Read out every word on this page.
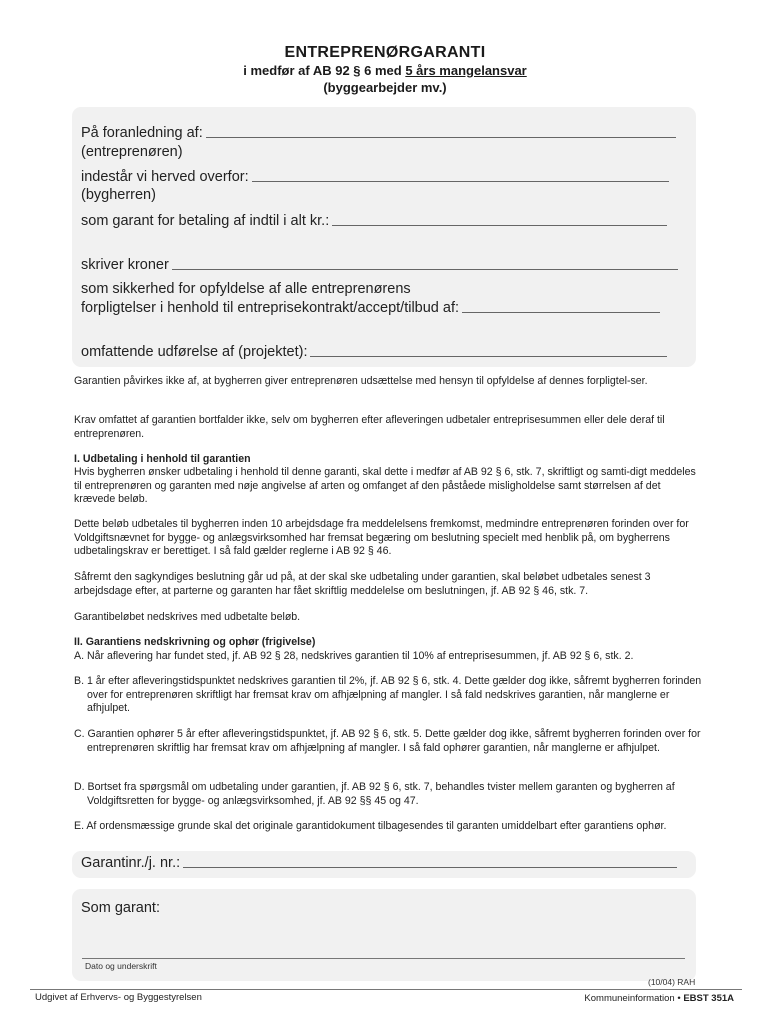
ENTREPRENØRGARANTI
i medfør af AB 92 § 6 med 5 års mangelansvar
(byggearbejder mv.)
På foranledning af:
(entreprenøren)
indestår vi herved overfor:
(bygherren)
som garant for betaling af indtil i alt kr.:
skriver kroner
som sikkerhed for opfyldelse af alle entreprenørens
forpligtelser i henhold til entreprisekontrakt/accept/tilbud af:
omfattende udførelse af (projektet):
Garantien påvirkes ikke af, at bygherren giver entreprenøren udsættelse med hensyn til opfyldelse af dennes forpligtel-ser.
Krav omfattet af garantien bortfalder ikke, selv om bygherren efter afleveringen udbetaler entreprisesummen eller dele deraf til entreprenøren.
I. Udbetaling i henhold til garantien
Hvis bygherren ønsker udbetaling i henhold til denne garanti, skal dette i medfør af AB 92 § 6, stk. 7, skriftligt og samti-digt meddeles til entreprenøren og garanten med nøje angivelse af arten og omfanget af den påståede misligholdelse samt størrelsen af det krævede beløb.
Dette beløb udbetales til bygherren inden 10 arbejdsdage fra meddelelsens fremkomst, medmindre entreprenøren forinden over for Voldgiftsnævnet for bygge- og anlægsvirksomhed har fremsat begæring om beslutning specielt med henblik på, om bygherrens udbetalingskrav er berettiget. I så fald gælder reglerne i AB 92 § 46.
Såfremt den sagkyndiges beslutning går ud på, at der skal ske udbetaling under garantien, skal beløbet udbetales senest 3 arbejdsdage efter, at parterne og garanten har fået skriftlig meddelelse om beslutningen, jf. AB 92 § 46, stk. 7.
Garantibeløbet nedskrives med udbetalte beløb.
II. Garantiens nedskrivning og ophør (frigivelse)
A. Når aflevering har fundet sted, jf. AB 92 § 28, nedskrives garantien til 10% af entreprisesummen, jf. AB 92 § 6, stk. 2.
B. 1 år efter afleveringstidspunktet nedskrives garantien til 2%, jf. AB 92 § 6, stk. 4. Dette gælder dog ikke, såfremt bygherren forinden over for entreprenøren skriftligt har fremsat krav om afhjælpning af mangler. I så fald nedskrives garantien, når manglerne er afhjulpet.
C. Garantien ophører 5 år efter afleveringstidspunktet, jf. AB 92 § 6, stk. 5. Dette gælder dog ikke, såfremt bygherren forinden over for entreprenøren skriftlig har fremsat krav om afhjælpning af mangler. I så fald ophører garantien, når manglerne er afhjulpet.
D. Bortset fra spørgsmål om udbetaling under garantien, jf. AB 92 § 6, stk. 7, behandles tvister mellem garanten og bygherren af Voldgiftsretten for bygge- og anlægsvirksomhed, jf. AB 92 §§ 45 og 47.
E. Af ordensmæssige grunde skal det originale garantidokument tilbagesendes til garanten umiddelbart efter garantiens ophør.
Garantinr./j. nr.:
Som garant:
Dato og underskrift
(10/04) RAH
Udgivet af Erhvervs- og Byggestyrelsen	Kommuneinformation • EBST 351A
